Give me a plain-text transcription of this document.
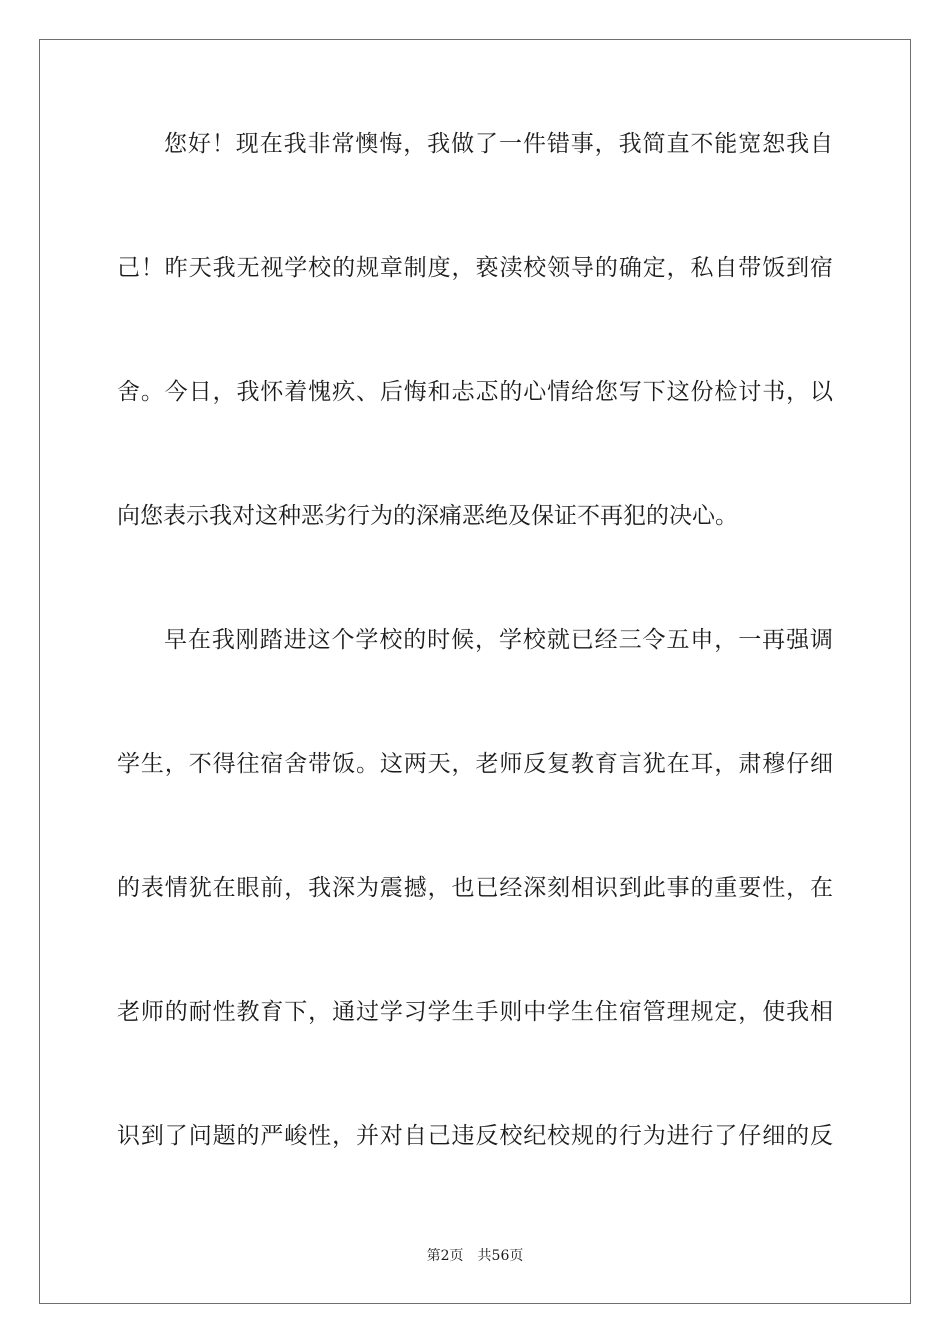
您好！现在我非常懊悔，我做了一件错事，我简直不能宽恕我自
己！昨天我无视学校的规章制度，亵渎校领导的确定，私自带饭到宿
舍。今日，我怀着愧疚、后悔和忐忑的心情给您写下这份检讨书，以
向您表示我对这种恶劣行为的深痛恶绝及保证不再犯的决心。
早在我刚踏进这个学校的时候，学校就已经三令五申，一再强调
学生，不得往宿舍带饭。这两天，老师反复教育言犹在耳，肃穆仔细
的表情犹在眼前，我深为震撼，也已经深刻相识到此事的重要性，在
老师的耐性教育下，通过学习学生手则中学生住宿管理规定，使我相
识到了问题的严峻性，并对自己违反校纪校规的行为进行了仔细的反
第2页 共56页
